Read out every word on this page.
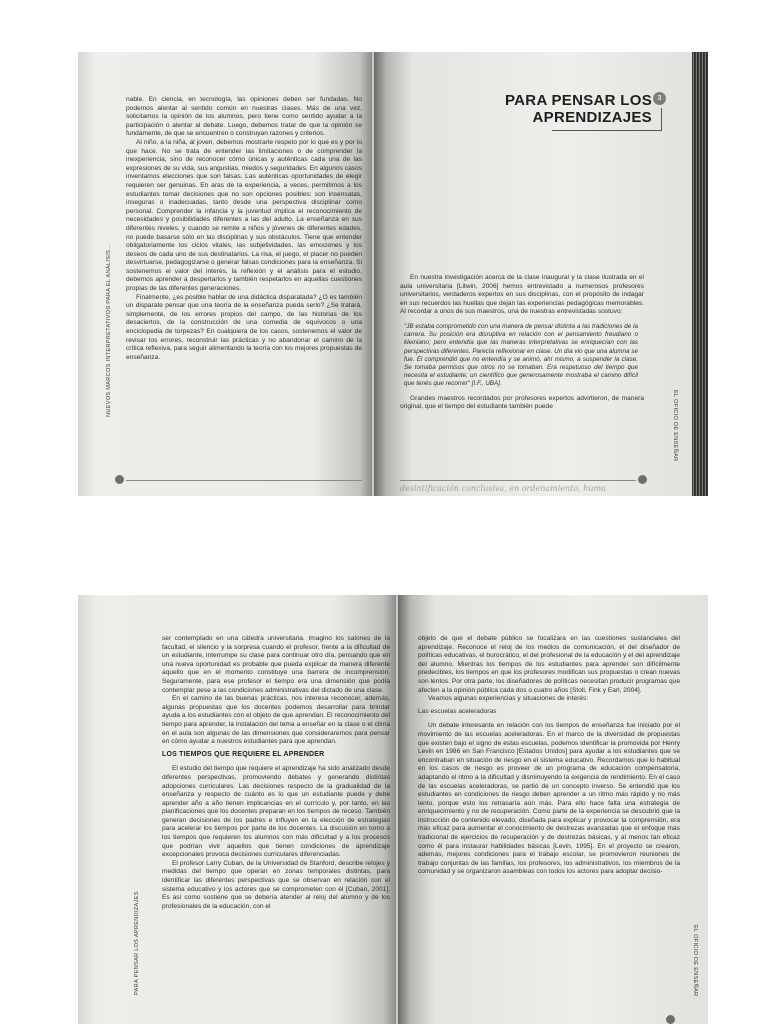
NUEVOS MARCOS INTERPRETATIVOS PARA EL ANÁLISIS...

nable. En ciencia, en tecnología, las opiniones deben ser fundadas. No podemos alentar al sentido común en nuestras clases. Más de una vez, solicitamos la opinión de los alumnos, pero tiene como sentido ayudar a la participación o alentar al debate. Luego, debemos tratar de que la opinión se fundamente, de que se encuentren o construyan razones y criterios.

Al niño, a la niña, al joven, debemos mostrarle respeto por lo que es y por lo que hace. No se trata de entender las limitaciones o de comprender la inexperiencia, sino de reconocer cómo únicas y auténticas cada una de las expresiones de su vida, sus angustias, miedos y seguridades. En algunos casos inventamos elecciones que son falsas. Las auténticas oportunidades de elegir requieren ser genuinas. En aras de la experiencia, a veces, permitimos a los estudiantes tomar decisiones que no son opciones posibles: son insensatas, inseguras o inadecuadas, tanto desde una perspectiva disciplinar como personal. Comprender la infancia y la juventud implica el reconocimiento de necesidades y posibilidades diferentes a las del adulto. La enseñanza en sus diferentes niveles, y cuando se remite a niños y jóvenes de diferentes edades, no puede basarse sólo en las disciplinas y sus obstáculos. Tiene que entender obligatoriamente los ciclos vitales, las subjetividades, las emociones y los deseos de cada uno de sus destinatarios. La risa, el juego, el placer no pueden desvirtuarse, pedagogizarse o generar falsas condiciones para la enseñanza. Si sostenemos el valor del interés, la reflexión y el análisis para el estudio, debemos aprender a despertarlos y también respetarlos en aquellas cuestiones propias de las diferentes generaciones.

Finalmente, ¿es posible hablar de una didáctica disparatada? ¿O es también un disparate pensar que una teoría de la enseñanza pueda serlo? ¿Se tratará, simplemente, de los errores propios del campo, de las historias de los desaciertos, de la construcción de una comedia de equívocos o una enciclopedia de torpezas? En cualquiera de los casos, sostenemos el valor de revisar los errores, reconstruir las prácticas y no abandonar el camino de la crítica reflexiva, para seguir alimentando la teoría con los mejores propuestas de enseñanza.

PARA PENSAR LOS
APRENDIZAJES
3
EL OFICIO DE ENSEÑAR

En nuestra investigación acerca de la clase inaugural y la clase ilustrada en el aula universitaria [Litwin, 2006] hemos entrevistado a numerosos profesores universitarios, verdaderos expertos en sus disciplinas, con el propósito de indagar en sus recuerdos las huellas que dejan las experiencias pedagógicas memorables. Al recordar a unos de sus maestros, una de nuestras entrevistadas sostuvo:

"JB estaba comprometido con una manera de pensar distinta a las tradiciones de la carrera. Su posición era disruptiva en relación con el pensamiento freudiano o kleiniano; pero entendía que las maneras interpretativas se enriquecían con las perspectivas diferentes. Parecía reflexionar en clase. Un día vio que una alumna se fue. Él comprendió que no entendía y se animó, ahí mismo, a suspender la clase. Se tomaba permisos que otros no se tomaban. Era respetuoso del tiempo que necesita el estudiante; un científico que generosamente mostraba el camino difícil que tenés que recorrer" [I.F., UBA].

Grandes maestros recordados por profesores expertos advirtieron, de manera original, que el tiempo del estudiante también puede

desintificación conclusiva, en ordenamiento, huma
PARA PENSAR LOS APRENDIZAJES

ser contemplado en una cátedra universitaria. Imagino los salones de la facultad, el silencio y la sorpresa cuando el profesor, frente a la dificultad de un estudiante, interrumpe su clase para continuar otro día, pensando que en una nueva oportunidad es probable que pueda explicar de manera diferente aquello que en el momento constituye una barrera de incomprensión. Seguramente, para ese profesor el tiempo era una dimensión que podía contemplar pese a las condiciones administrativas del dictado de una clase.

En el camino de las buenas prácticas, nos interesa reconocer, además, algunas propuestas que los docentes podemos desarrollar para brindar ayuda a los estudiantes con el objeto de que aprendan. El reconocimiento del tiempo para aprender, la instalación del tema a enseñar en la clase o el clima en el aula son algunas de las dimensiones que consideraremos para pensar en cómo ayudar a nuestros estudiantes para que aprendan.

LOS TIEMPOS QUE REQUIERE EL APRENDER

El estudio del tiempo que requiere el aprendizaje ha sido analizado desde diferentes perspectivas, promoviendo debates y generando distintas adopciones curriculares. Las decisiones respecto de la gradualidad de la enseñanza y respecto de cuánto es lo que un estudiante puede y debe aprender año a año tienen implicancias en el currículo y, por tanto, en las planificaciones que los docentes preparan en los tiempos de receso. También generan decisiones de los padres e influyen en la elección de estrategias para acelerar los tiempos por parte de los docentes. La discusión en torno a los tiempos que requieren los alumnos con más dificultad y a los procesos que podrían vivir aquellos que tienen condiciones de aprendizaje excepcionales provoca decisiones curriculares diferenciadas.

El profesor Larry Cuban, de la Universidad de Stanford, describe relojes y medidas del tiempo que operan en zonas temporales distintas, para identificar las diferentes perspectivas que se observan en relación con el sistema educativo y los actores que se comprometen con él [Cuban, 2001]. Es así como sostiene que se debería atender al reloj del alumno y de los profesionales de la educación, con el

EL OFICIO DE ENSEÑAR

objeto de que el debate público se focalizara en las cuestiones sustanciales del aprendizaje. Reconoce el reloj de los medios de comunicación, el del diseñador de políticas educativas, el burocrático, el del profesional de la educación y el del aprendizaje del alumno. Mientras los tiempos de los estudiantes para aprender son difícilmente predecibles, los tiempos en que los profesores modifican sus propuestas o crean nuevas son lentos. Por otra parte, los diseñadores de políticas necesitan producir programas que afecten a la opinión pública cada dos o cuatro años [Stoll, Fink y Earl, 2004].

Veamos algunas experiencias y situaciones de interés:

Las escuelas aceleradoras

Un debate interesante en relación con los tiempos de enseñanza fue iniciado por el movimiento de las escuelas aceleradoras. En el marco de la diversidad de propuestas que existen bajo el signo de estas escuelas, podemos identificar la promovida por Henry Levin en 1986 en San Francisco [Estados Unidos] para ayudar a los estudiantes que se encontraban en situación de riesgo en el sistema educativo. Recordamos que lo habitual en los casos de riesgo es proveer de un programa de educación compensatoria, adaptando el ritmo a la dificultad y disminuyendo la exigencia de rendimiento. En el caso de las escuelas aceleradoras, se partió de un concepto inverso. Se entendió que los estudiantes en condiciones de riesgo deben aprender a un ritmo más rápido y no más lento, porque esto los retrasaría aún más. Para ello hace falta una estrategia de enriquecimiento y no de recuperación. Como parte de la experiencia se descubrió que la instrucción de contenido elevado, diseñada para explicar y provocar la comprensión, era más eficaz para aumentar el conocimiento de destrezas avanzadas que el enfoque más tradicional de ejercicios de recuperación y de destrezas básicas, y al menos tan eficaz como él para instaurar habilidades básicas [Levin, 1995]. En el proyecto se crearon, además, mejores condiciones para el trabajo escolar, se promovieron reuniones de trabajo conjuntas de las familias, los profesores, los administrativos, los miembros de la comunidad y se organizaron asambleas con todos los actores para adoptar decisio-
